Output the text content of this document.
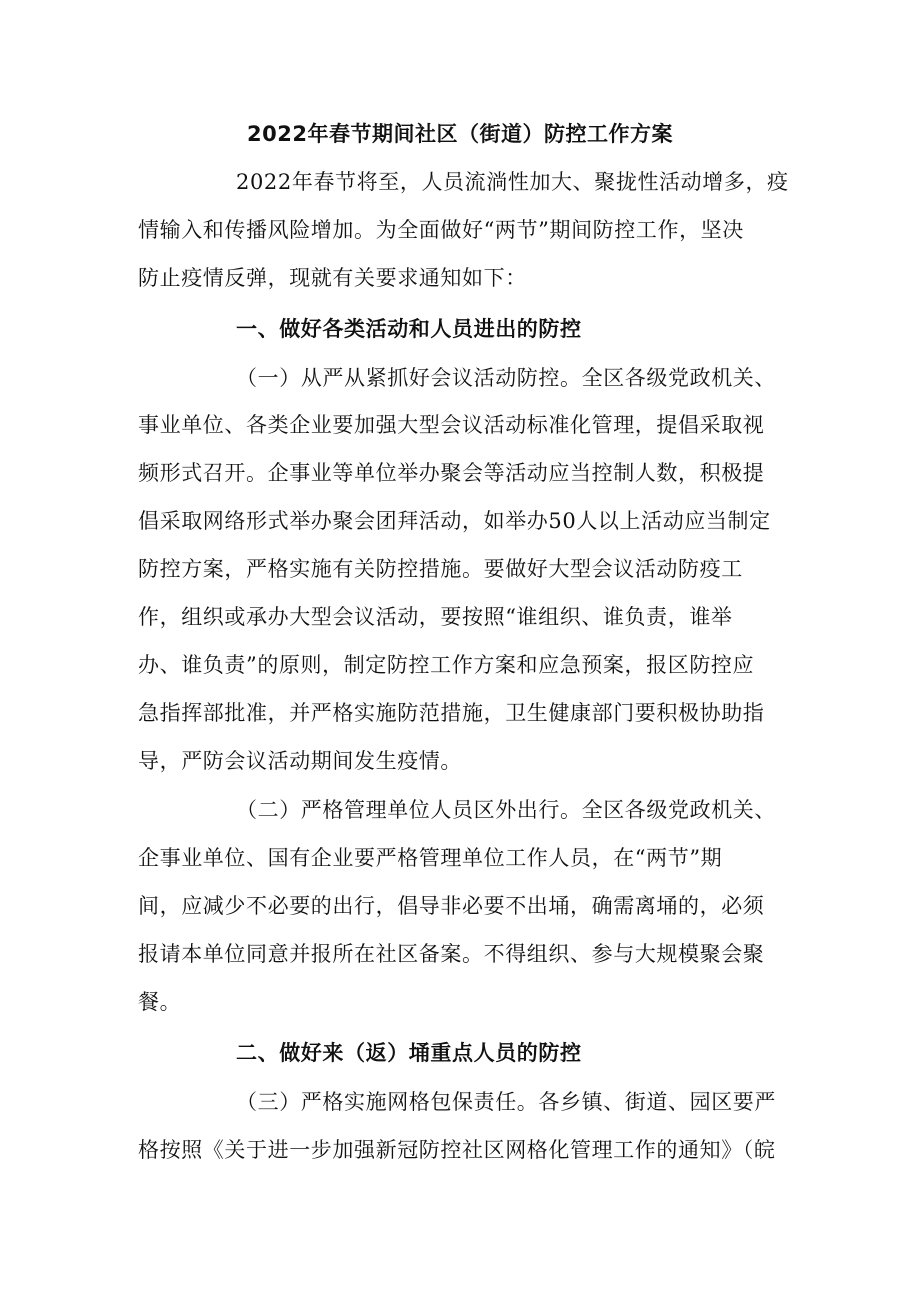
2022年春节期间社区（街道）防控工作方案
2022年春节将至，人员流淌性加大、聚拢性活动增多，疫
情输入和传播风险增加。为全面做好“两节”期间防控工作，坚决
防止疫情反弹，现就有关要求通知如下：
一、做好各类活动和人员进出的防控
（一）从严从紧抓好会议活动防控。全区各级党政机关、
事业单位、各类企业要加强大型会议活动标准化管理，提倡采取视
频形式召开。企事业等单位举办聚会等活动应当控制人数，积极提
倡采取网络形式举办聚会团拜活动，如举办50人以上活动应当制定
防控方案，严格实施有关防控措施。要做好大型会议活动防疫工
作，组织或承办大型会议活动，要按照“谁组织、谁负责，谁举
办、谁负责”的原则，制定防控工作方案和应急预案，报区防控应
急指挥部批准，并严格实施防范措施，卫生健康部门要积极协助指
导，严防会议活动期间发生疫情。
（二）严格管理单位人员区外出行。全区各级党政机关、
企事业单位、国有企业要严格管理单位工作人员，在“两节”期
间，应减少不必要的出行，倡导非必要不出埇，确需离埇的，必须
报请本单位同意并报所在社区备案。不得组织、参与大规模聚会聚
餐。
二、做好来（返）埇重点人员的防控
（三）严格实施网格包保责任。各乡镇、街道、园区要严
格按照《关于进一步加强新冠防控社区网格化管理工作的通知》（皖
